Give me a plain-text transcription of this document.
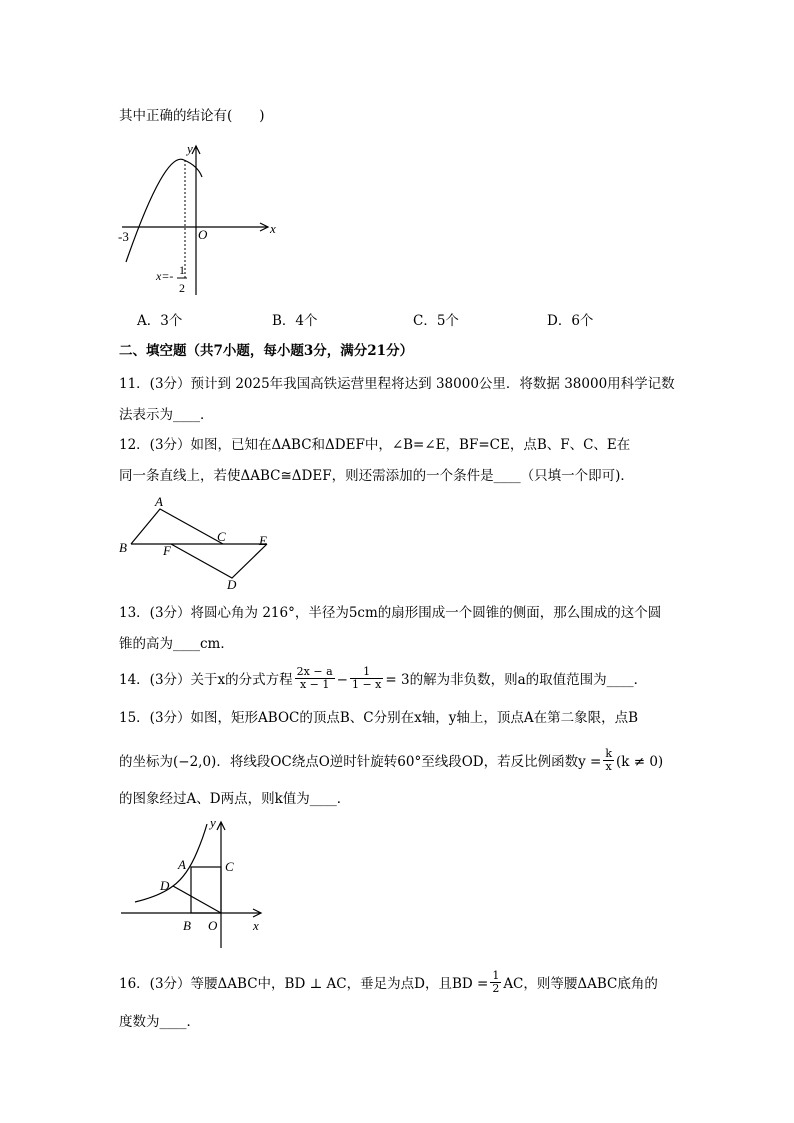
其中正确的结论有(　　)
y
x
O
-3
x=- 1
2
A．3个	B．4个	C．5个	D．6个
二、填空题（共7小题，每小题3分，满分21分）
11．(3分）预计到 2025年我国高铁运营里程将达到 38000公里．将数据 38000用科学记数
法表示为____．
12．(3分）如图，已知在ΔABC和ΔDEF中，∠B=∠E，BF=CE，点B、F、C、E在
同一条直线上，若使ΔABC≅ΔDEF，则还需添加的一个条件是____（只填一个即可)．
A
B
C	E
F
D
13．(3分）将圆心角为 216°，半径为5cm的扇形围成一个圆锥的侧面，那么围成的这个圆
锥的高为____cm．
14．(3分）关于x的分式方程 $\frac{2x - a}{x - 1} - \frac{1}{1 - x} = 3$的解为非负数，则a的取值范围为____．
15．(3分）如图，矩形ABOC的顶点B、C分别在x轴，y轴上，顶点A在第二象限，点B
的坐标为(−2,0)．将线段OC绕点O逆时针旋转60°至线段OD，若反比例函数$y = \frac{k}{x} (k \ne 0)$
的图象经过A、D两点，则k值为____．
y
x
A	C
D
B O
16．(3分）等腰ΔABC中，BD ⊥ AC，垂足为点D，且BD = $\frac{1}{2}$ AC，则等腰ΔABC底角的
度数为____．
